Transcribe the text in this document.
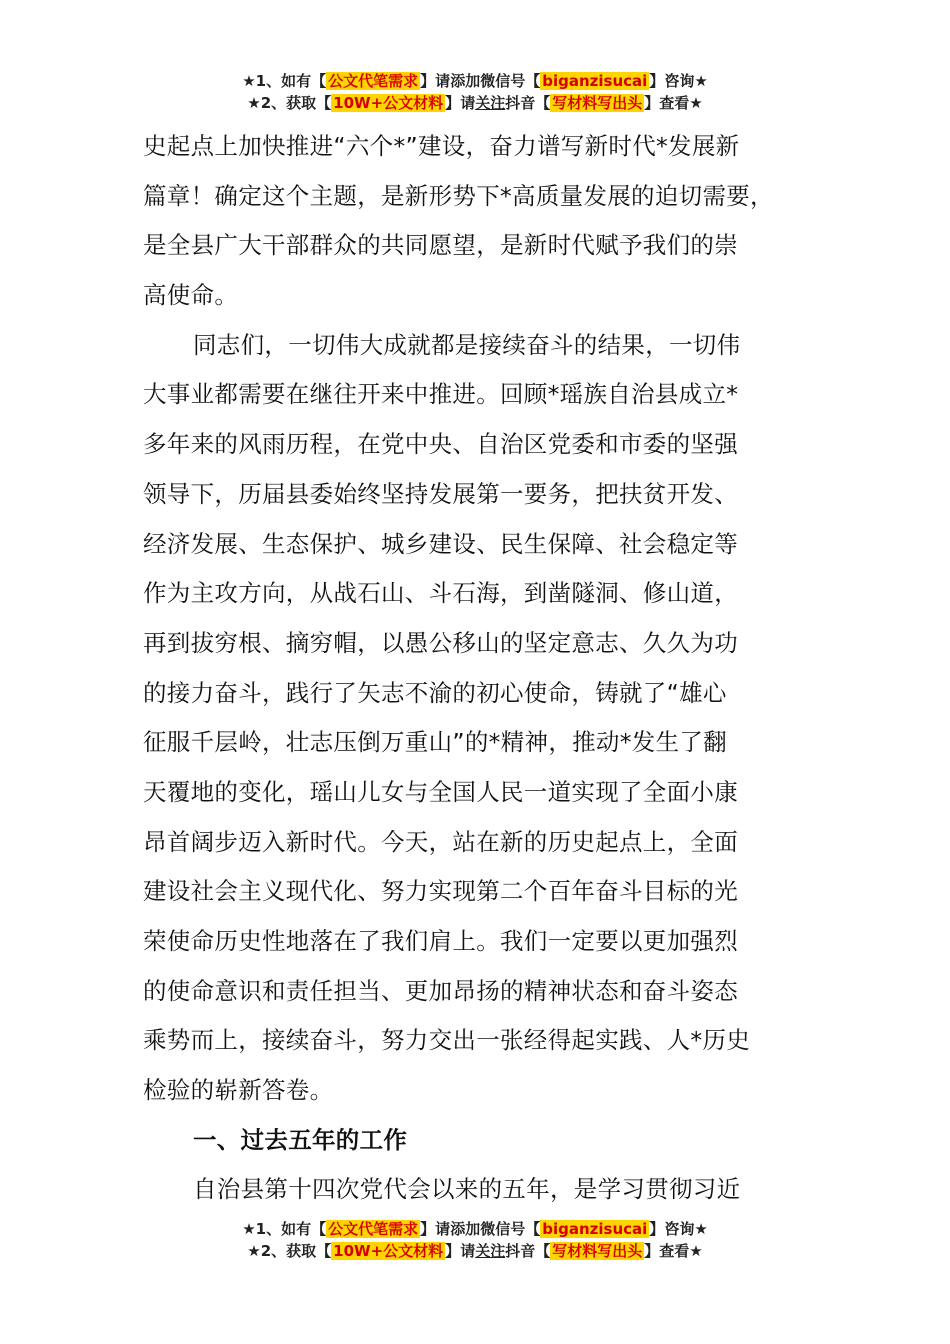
★1、如有【 公文代笔需求 】请添加微信号【 biganzisucai 】咨询★
★2、获取【 10W+公文材料 】请关注抖音【 写材料写出头 】查看★
史起点上加快推进“六个*”建设，奋力谱写新时代*发展新
篇章！确定这个主题，是新形势下*高质量发展的迫切需要，
是全县广大干部群众的共同愿望，是新时代赋予我们的崇
高使命。
同志们，一切伟大成就都是接续奋斗的结果，一切伟
大事业都需要在继往开来中推进。回顾*瑶族自治县成立*
多年来的风雨历程，在党中央、自治区党委和市委的坚强
领导下，历届县委始终坚持发展第一要务，把扶贫开发、
经济发展、生态保护、城乡建设、民生保障、社会稳定等
作为主攻方向，从战石山、斗石海，到凿隧洞、修山道，
再到拔穷根、摘穷帽，以愚公移山的坚定意志、久久为功
的接力奋斗，践行了矢志不渝的初心使命，铸就了“雄心
征服千层岭，壮志压倒万重山”的*精神，推动*发生了翻
天覆地的变化，瑶山儿女与全国人民一道实现了全面小康
昂首阔步迈入新时代。今天，站在新的历史起点上，全面
建设社会主义现代化、努力实现第二个百年奋斗目标的光
荣使命历史性地落在了我们肩上。我们一定要以更加强烈
的使命意识和责任担当、更加昂扬的精神状态和奋斗姿态
乘势而上，接续奋斗，努力交出一张经得起实践、人*历史
检验的崭新答卷。
一、过去五年的工作
自治县第十四次党代会以来的五年，是学习贯彻习近
★1、如有【 公文代笔需求 】请添加微信号【 biganzisucai 】咨询★
★2、获取【 10W+公文材料 】请关注抖音【 写材料写出头 】查看★
